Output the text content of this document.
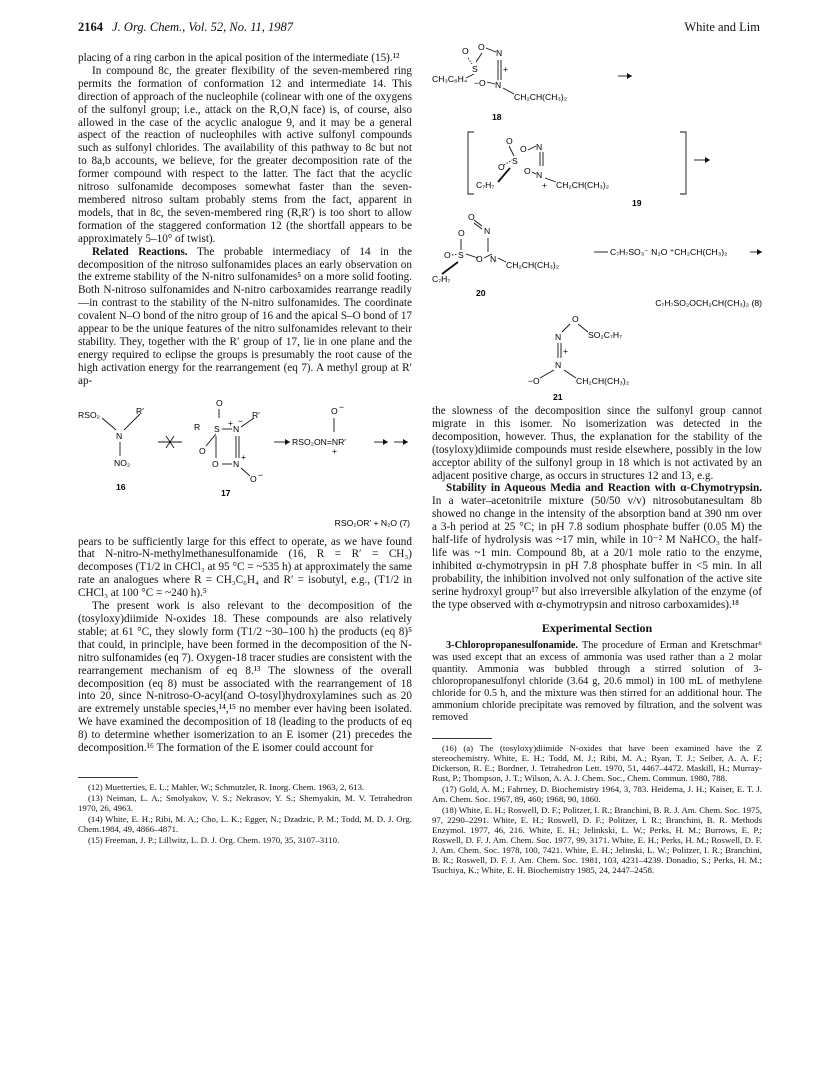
2164 J. Org. Chem., Vol. 52, No. 11, 1987	White and Lim

placing of a ring carbon in the apical position of the intermediate (15).¹²

In compound 8c, the greater flexibility of the seven-membered ring permits the formation of conformation 12 and intermediate 14. This direction of approach of the nucleophile (colinear with one of the oxygens of the sulfonyl group; i.e., attack on the R,O,N face) is, of course, also allowed in the case of the acyclic analogue 9, and it may be a general aspect of the reaction of nucleophiles with active sulfonyl compounds such as sulfonyl chlorides. The availability of this pathway to 8c but not to 8a,b accounts, we believe, for the greater decomposition rate of the former compound with respect to the latter. The fact that the acyclic nitroso sulfonamide decomposes somewhat faster than the seven-membered nitroso sultam probably stems from the fact, apparent in models, that in 8c, the seven-membered ring (R,R′) is too short to allow formation of the staggered conformation 12 (the shortfall appears to be approximately 5–10° of twist).

Related Reactions. The probable intermediacy of 14 in the decomposition of the nitroso sulfonamides places an early observation on the extreme stability of the N-nitro sulfonamides⁵ on a more solid footing. Both N-nitroso sulfonamides and N-nitro carboxamides rearrange readily—in contrast to the stability of the N-nitro sulfonamides. The coordinate covalent N–O bond of the nitro group of 16 and the apical S–O bond of 17 appear to be the unique features of the nitro sulfonamides relevant to their stability. They, together with the R′ group of 17, lie in one plane and the energy required to eclipse the groups is presumably the root cause of the high activation energy for the rearrangement (eq 7). A methyl group at R′ ap-

RSO₂
N
R′
NO₂
16
O
R S N
R′
+ −
O
O N
+
O −
17
O −
RSO₂ON=NR′
+
RSO₂OR′ + N₂O (7)

pears to be sufficiently large for this effect to operate, as we have found that N-nitro-N-methylmethanesulfonamide (16, R = R′ = CH₃) decomposes (T1/2 in CHCl₃ at 95 °C = ~535 h) at approximately the same rate an analogues where R = CH₃C₆H₄ and R′ = isobutyl, e.g., (T1/2 in CHCl₃ at 100 °C = ~240 h).⁵

The present work is also relevant to the decomposition of the (tosyloxy)diimide N-oxides 18. These compounds are also relatively stable; at 61 °C, they slowly form (T1/2 ~30–100 h) the products (eq 8)⁵ that could, in principle, have been formed in the decomposition of the N-nitro sulfonamides (eq 7). Oxygen-18 tracer studies are consistent with the rearrangement mechanism of eq 8.¹³ The slowness of the overall decomposition (eq 8) must be associated with the rearrangement of 18 into 20, since N-nitroso-O-acyl(and O-tosyl)hydroxylamines such as 20 are extremely unstable species,¹⁴,¹⁵ no member ever having been isolated. We have examined the decomposition of 18 (leading to the products of eq 8) to determine whether isomerization to an E isomer (21) precedes the decomposition.¹⁶ The formation of the E isomer could account for

(12) Muetterties, E. L.; Mahler, W.; Schmutzler, R. Inorg. Chem. 1963, 2, 613.

(13) Neiman, L. A.; Smolyakov, V. S.; Nekrasov, Y. S.; Shemyakin, M. V. Tetrahedron 1970, 26, 4963.

(14) White, E. H.; Ribi, M. A.; Cho, L. K.; Egger, N.; Dzadzic, P. M.; Todd, M. D. J. Org. Chem.1984, 49, 4866–4871.

(15) Freeman, J. P.; Lillwitz, L. D. J. Org. Chem. 1970, 35, 3107–3110.

O O
N
S	+
CH₃C₆H₄ −O N
CH₂CH(CH₃)₂
18
O
O N
O
S
O N
+
C₇H₇	CH₂CH(CH₃)₂
19
O
N
O
O S O N
CH₂CH(CH₃)₂
C₇H₇
20
C₇H₇SO₃⁻ N₂O ⁺CH₂CH(CH₃)₂
C₇H₇SO₂OCH₂CH(CH₃)₂ (8)
O
N	SO₂C₇H₇
+
N
−O	CH₂CH(CH₃)₂
21

the slowness of the decomposition since the sulfonyl group cannot migrate in this isomer. No isomerization was detected in the decomposition, however. Thus, the explanation for the stability of the (tosyloxy)diimide compounds must reside elsewhere, possibly in the low acceptor ability of the sulfonyl group in 18 which is not activated by an adjacent positive charge, as occurs in structures 12 and 13, e.g.

Stability in Aqueous Media and Reaction with α-Chymotrypsin. In a water–acetonitrile mixture (50/50 v/v) nitrosobutanesultam 8b showed no change in the intensity of the absorption band at 390 nm over a 3-h period at 25 °C; in pH 7.8 sodium phosphate buffer (0.05 M) the half-life of hydrolysis was ~17 min, while in 10⁻² M NaHCO₃ the half-life was ~1 min. Compound 8b, at a 20/1 mole ratio to the enzyme, inhibited α-chymotrypsin in pH 7.8 phosphate buffer in <5 min. In all probability, the inhibition involved not only sulfonation of the active site serine hydroxyl group¹⁷ but also irreversible alkylation of the enzyme (of the type observed with α-chymotrypsin and nitroso carboxamides).¹⁸

Experimental Section

3-Chloropropanesulfonamide. The procedure of Erman and Kretschmar⁶ was used except that an excess of ammonia was used rather than a 2 molar quantity. Ammonia was bubbled through a stirred solution of 3-chloropropanesulfonyl chloride (3.64 g, 20.6 mmol) in 100 mL of methylene chloride for 0.5 h, and the mixture was then stirred for an additional hour. The ammonium chloride precipitate was removed by filtration, and the solvent was removed

(16) (a) The (tosyloxy)diimide N-oxides that have been examined have the Z stereochemistry. White, E. H.; Todd, M. J.; Ribi, M. A.; Ryan, T. J.; Seiber, A. A. F.; Dickerson, R. E.; Bordner, J. Tetrahedron Lett. 1970, 51, 4467–4472. Maskill, H.; Murray-Rust, P.; Thompson, J. T.; Wilson, A. A. J. Chem. Soc., Chem. Commun. 1980, 788.

(17) Gold, A. M.; Fahrney, D. Biochemistry 1964, 3, 783. Heidema, J. H.; Kaiser, E. T. J. Am. Chem. Soc. 1967, 89, 460; 1968, 90, 1860.

(18) White, E. H.; Roswell, D. F.; Politzer, I. R.; Branchini, B. R. J. Am. Chem. Soc. 1975, 97, 2290–2291. White, E. H.; Roswell, D. F.; Politzer, I. R.; Branchini, B. R. Methods Enzymol. 1977, 46, 216. White, E. H.; Jelinkski, L. W.; Perks, H. M.; Burrows, E. P.; Roswell, D. F. J. Am. Chem. Soc. 1977, 99, 3171. White, E. H.; Perks, H. M.; Roswell, D. F. J. Am. Chem. Soc. 1978, 100, 7421. White, E. H.; Jelinski, L. W.; Politzer, I. R.; Branchini, B. R.; Roswell, D. F. J. Am. Chem. Soc. 1981, 103, 4231–4239. Donadio, S.; Perks, H. M.; Tsuchiya, K.; White, E. H. Biochemistry 1985, 24, 2447–2458.
